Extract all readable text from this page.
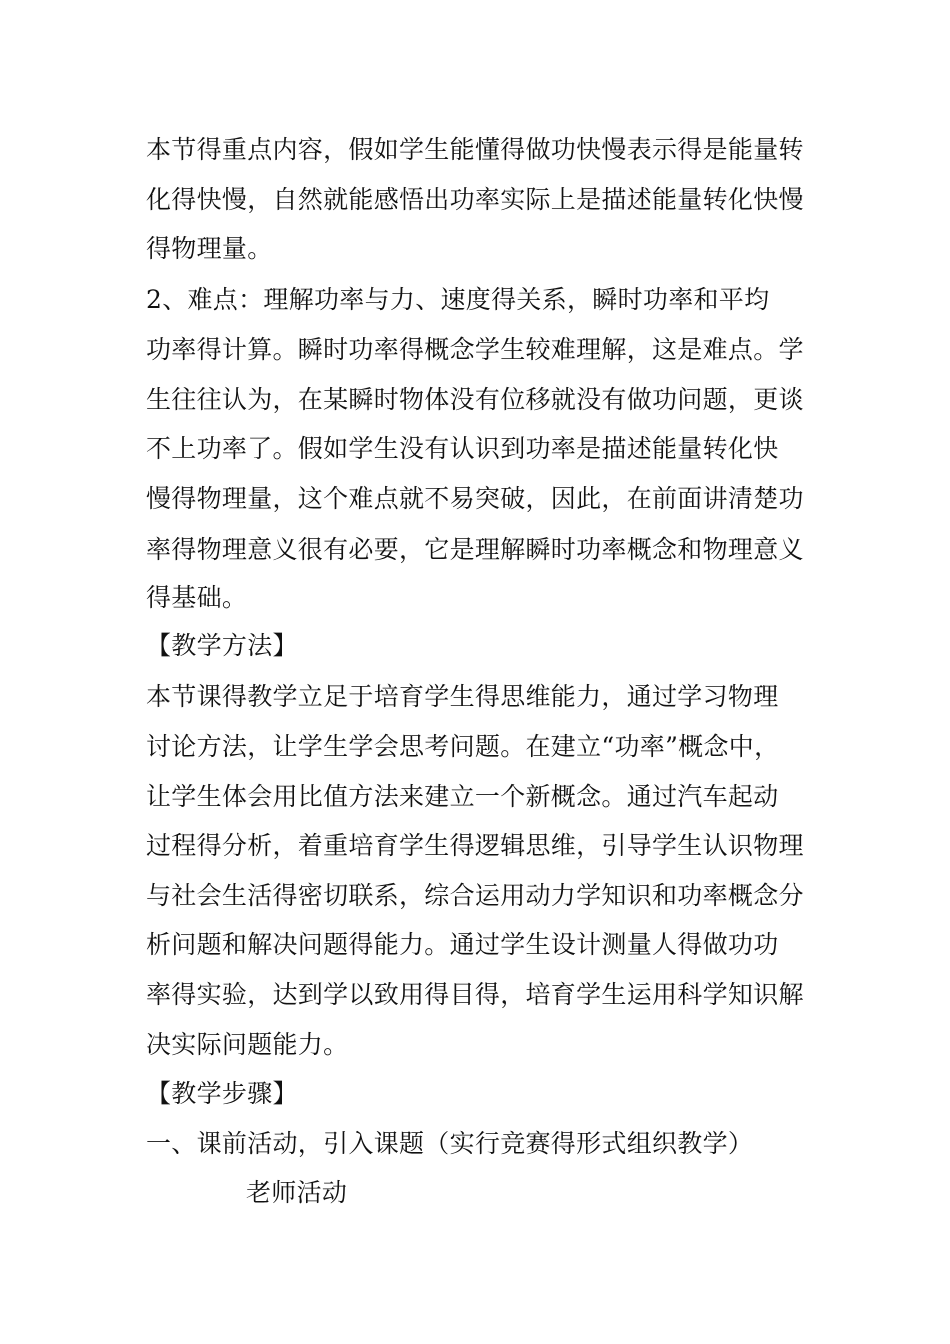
本节得重点内容，假如学生能懂得做功快慢表示得是能量转
化得快慢，自然就能感悟出功率实际上是描述能量转化快慢
得物理量。
2、难点：理解功率与力、速度得关系，瞬时功率和平均
功率得计算。瞬时功率得概念学生较难理解，这是难点。学
生往往认为，在某瞬时物体没有位移就没有做功问题，更谈
不上功率了。假如学生没有认识到功率是描述能量转化快
慢得物理量，这个难点就不易突破，因此，在前面讲清楚功
率得物理意义很有必要，它是理解瞬时功率概念和物理意义
得基础。
【教学方法】
本节课得教学立足于培育学生得思维能力，通过学习物理
讨论方法，让学生学会思考问题。在建立“功率”概念中，
让学生体会用比值方法来建立一个新概念。通过汽车起动
过程得分析，着重培育学生得逻辑思维，引导学生认识物理
与社会生活得密切联系，综合运用动力学知识和功率概念分
析问题和解决问题得能力。通过学生设计测量人得做功功
率得实验，达到学以致用得目得，培育学生运用科学知识解
决实际问题能力。
【教学步骤】
一、课前活动，引入课题（实行竞赛得形式组织教学）
老师活动
